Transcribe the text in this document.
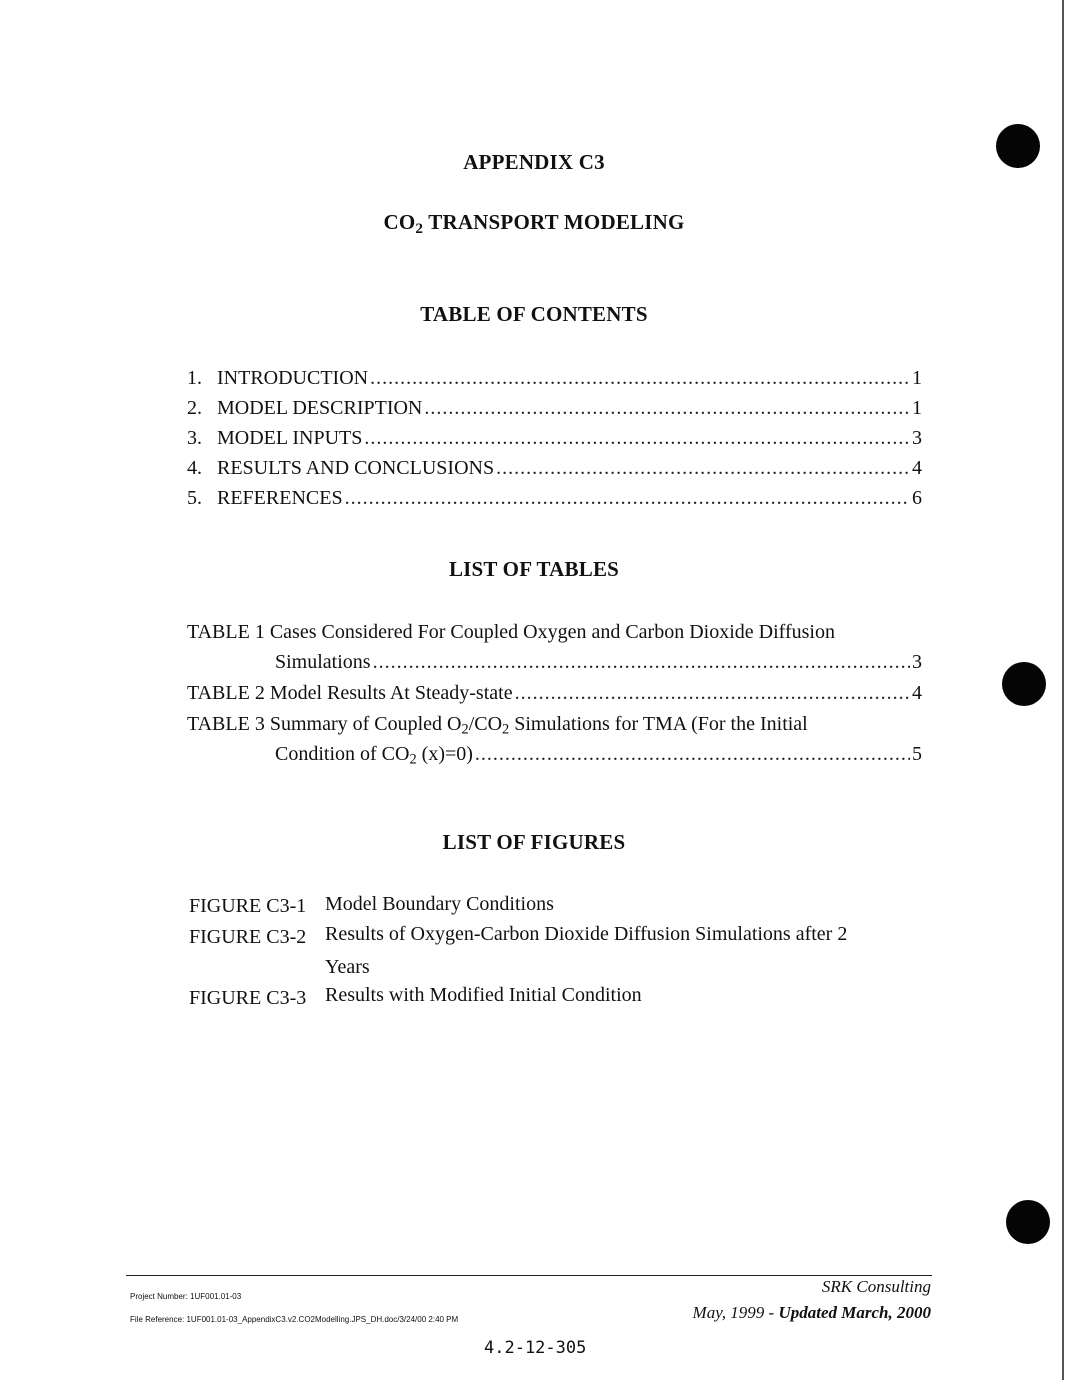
APPENDIX C3
$CO_2$ TRANSPORT MODELING
TABLE OF CONTENTS
1. INTRODUCTION .....	1
2. MODEL DESCRIPTION .....	1
3. MODEL INPUTS .....	3
4. RESULTS AND CONCLUSIONS .....	4
5. REFERENCES .....	6
LIST OF TABLES
TABLE 1 Cases Considered For Coupled Oxygen and Carbon Dioxide Diffusion
Simulations .....	3
TABLE 2 Model Results At Steady-state .....	4
TABLE 3 Summary of Coupled $O_2/CO_2$ Simulations for TMA (For the Initial
Condition of $CO_2$ (x)=0) .....	5
LIST OF FIGURES
FIGURE C3-1 Model Boundary Conditions
FIGURE C3-2 Results of Oxygen-Carbon Dioxide Diffusion Simulations after 2
Years
FIGURE C3-3 Results with Modified Initial Condition
Project Number: 1UF001.01-03
File Reference: 1UF001.01-03_AppendixC3.v2.CO2Modelling.JPS_DH.doc/3/24/00 2:40 PM
SRK Consulting
May, 1999 - Updated March, 2000
4.2-12-305
